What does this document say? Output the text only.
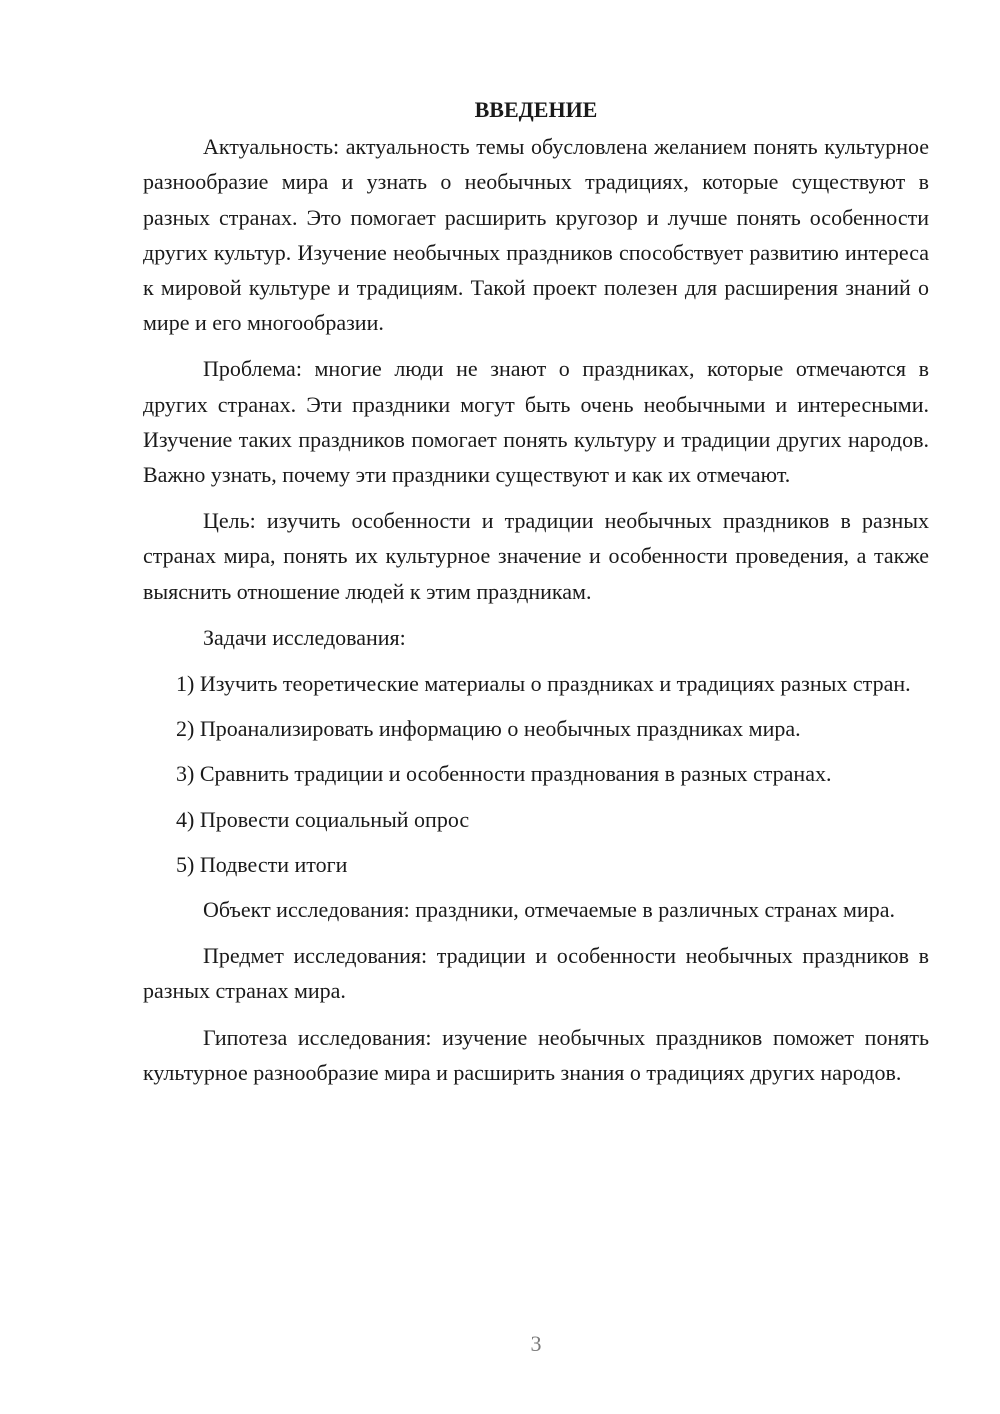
ВВЕДЕНИЕ

Актуальность: актуальность темы обусловлена желанием понять культурное разнообразие мира и узнать о необычных традициях, которые существуют в разных странах. Это помогает расширить кругозор и лучше понять особенности других культур. Изучение необычных праздников способствует развитию интереса к мировой культуре и традициям. Такой проект полезен для расширения знаний о мире и его многообразии.

Проблема: многие люди не знают о праздниках, которые отмечаются в других странах. Эти праздники могут быть очень необычными и интересными. Изучение таких праздников помогает понять культуру и традиции других народов. Важно узнать, почему эти праздники существуют и как их отмечают.

Цель: изучить особенности и традиции необычных праздников в разных странах мира, понять их культурное значение и особенности проведения, а также выяснить отношение людей к этим праздникам.

Задачи исследования:

1) Изучить теоретические материалы о праздниках и традициях разных стран.

2) Проанализировать информацию о необычных праздниках мира.

3) Сравнить традиции и особенности празднования в разных странах.

4) Провести социальный опрос

5) Подвести итоги

Объект исследования: праздники, отмечаемые в различных странах мира.

Предмет исследования: традиции и особенности необычных праздников в разных странах мира.

Гипотеза исследования: изучение необычных праздников поможет понять культурное разнообразие мира и расширить знания о традициях других народов.

3
